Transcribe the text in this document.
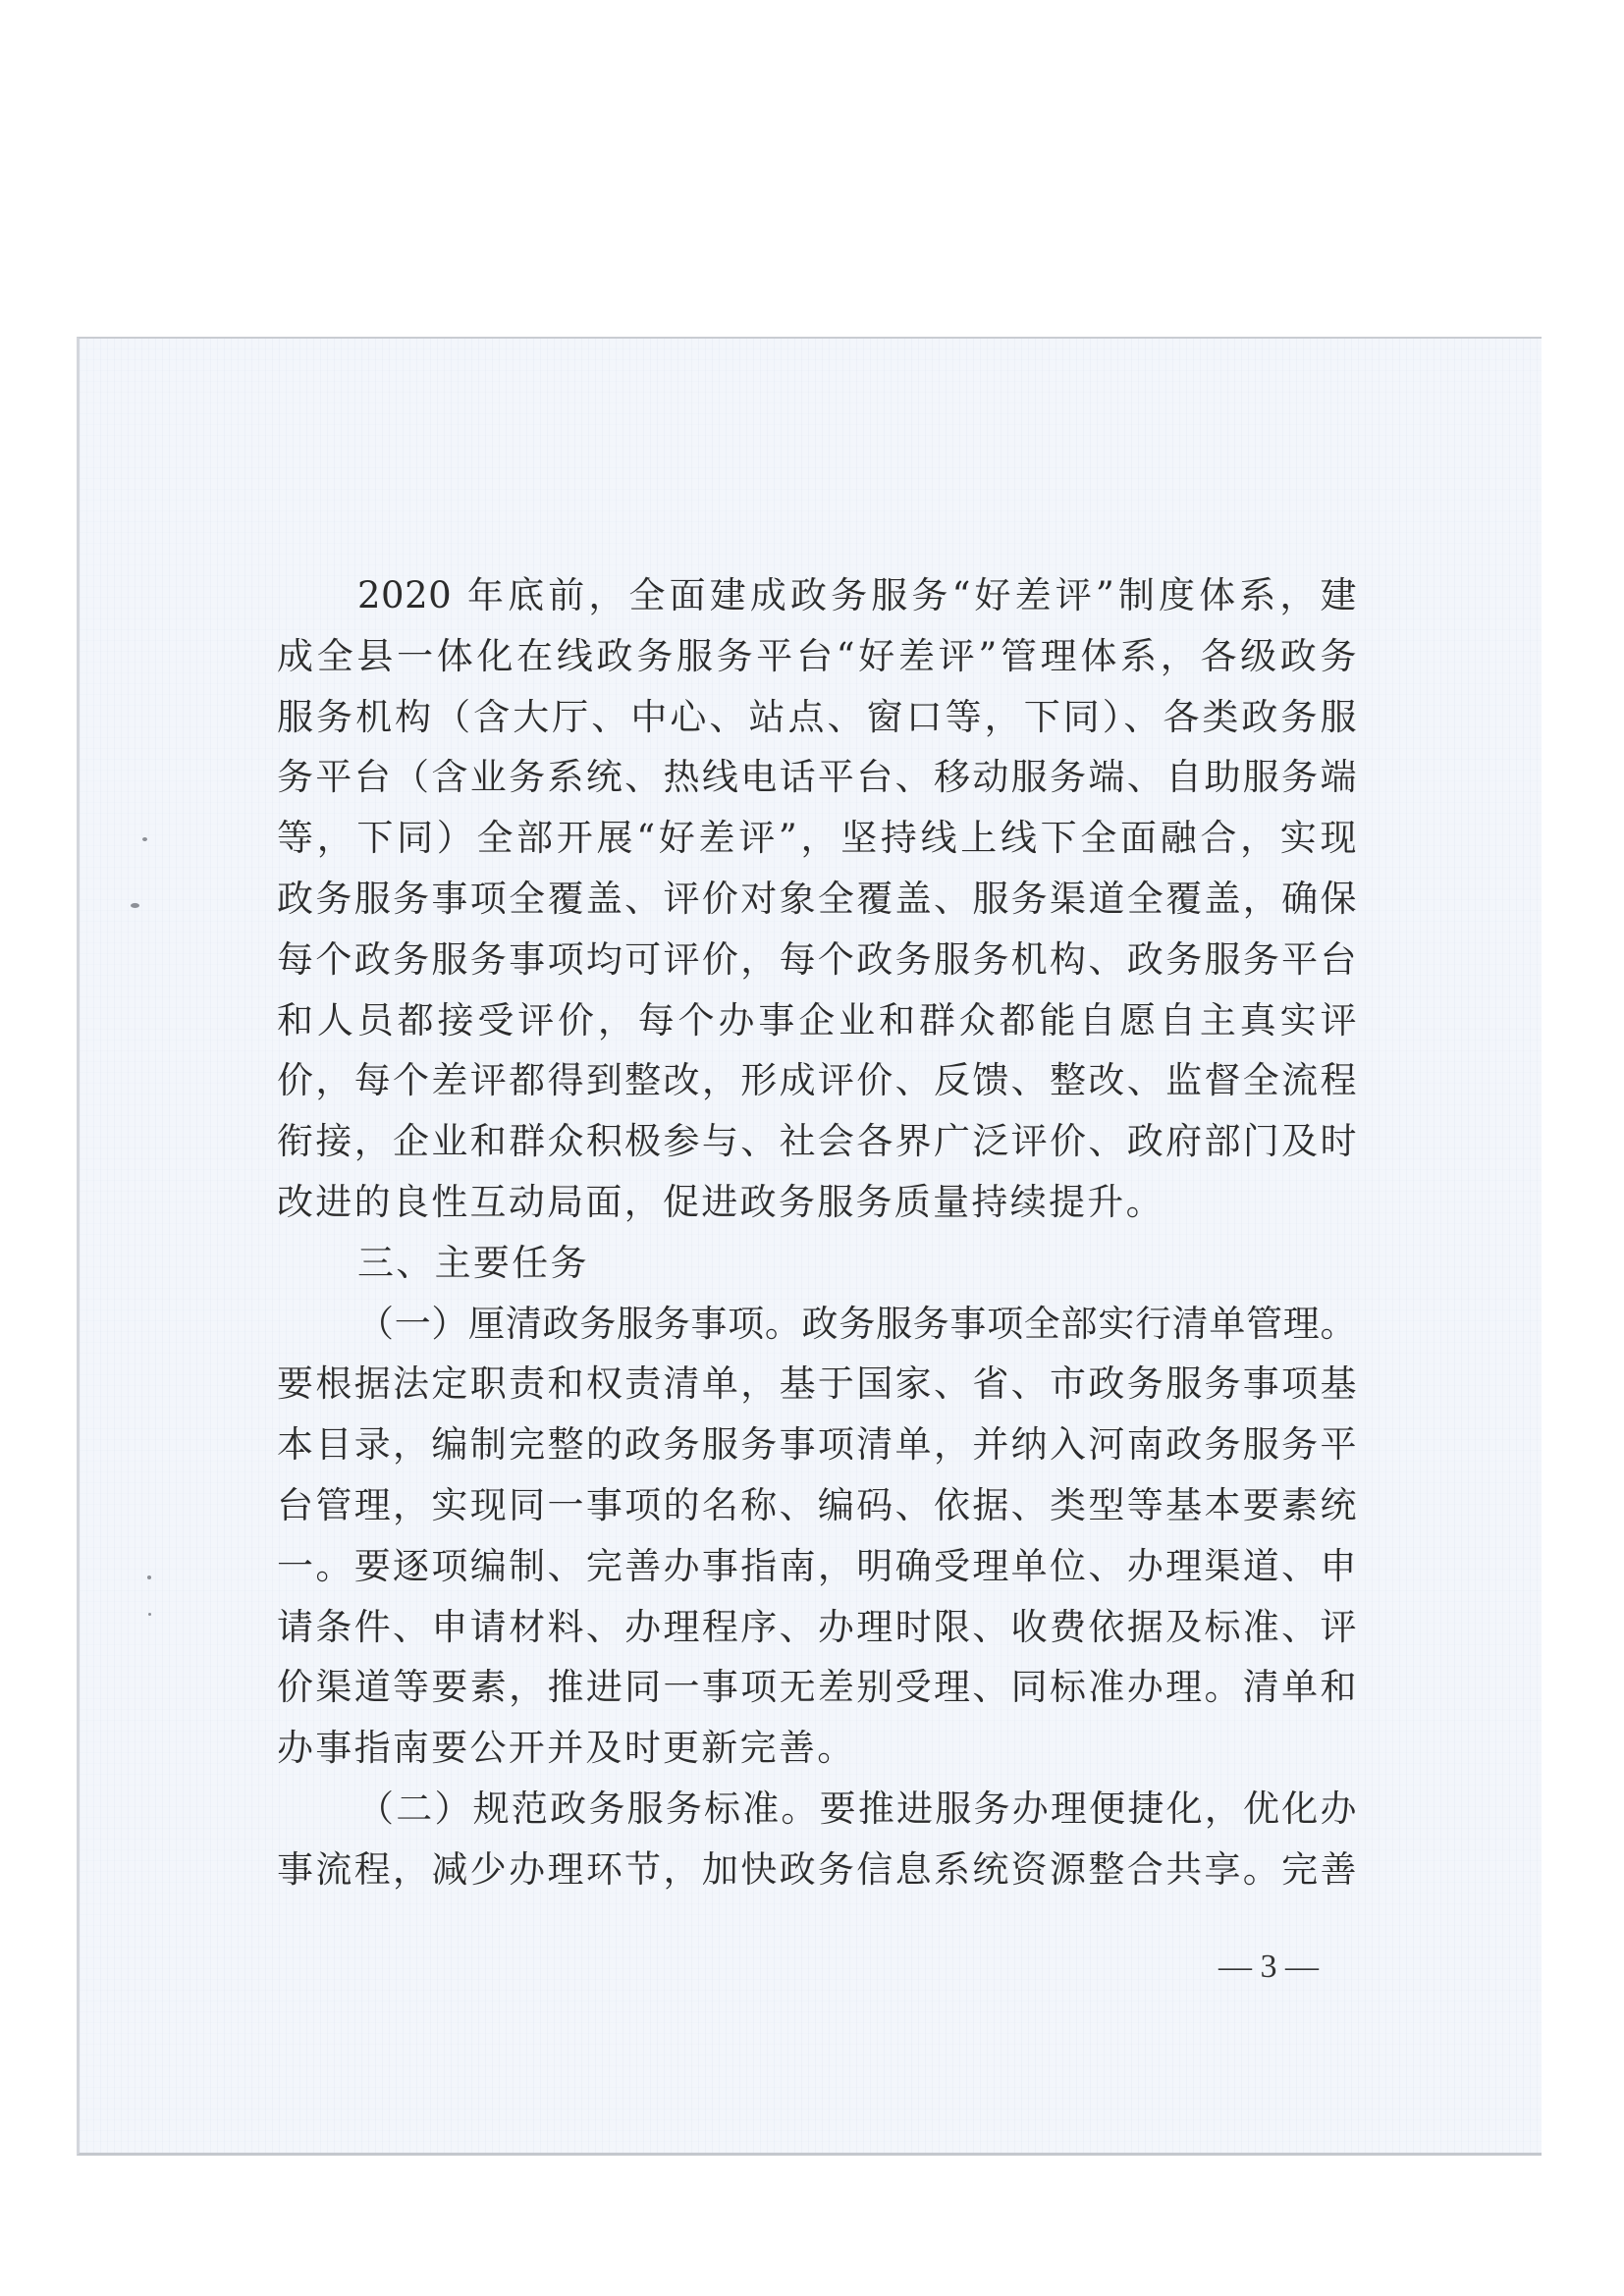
2020 年底前，全面建成政务服务“好差评”制度体系，建
成全县一体化在线政务服务平台“好差评”管理体系，各级政务
服务机构（含大厅、中心、站点、窗口等，下同）、各类政务服
务平台（含业务系统、热线电话平台、移动服务端、自助服务端
等，下同）全部开展“好差评”，坚持线上线下全面融合，实现
政务服务事项全覆盖、评价对象全覆盖、服务渠道全覆盖，确保
每个政务服务事项均可评价，每个政务服务机构、政务服务平台
和人员都接受评价，每个办事企业和群众都能自愿自主真实评
价，每个差评都得到整改，形成评价、反馈、整改、监督全流程
衔接，企业和群众积极参与、社会各界广泛评价、政府部门及时
改进的良性互动局面，促进政务服务质量持续提升。
三、主要任务
（一）厘清政务服务事项。政务服务事项全部实行清单管理。
要根据法定职责和权责清单，基于国家、省、市政务服务事项基
本目录，编制完整的政务服务事项清单，并纳入河南政务服务平
台管理，实现同一事项的名称、编码、依据、类型等基本要素统
一。要逐项编制、完善办事指南，明确受理单位、办理渠道、申
请条件、申请材料、办理程序、办理时限、收费依据及标准、评
价渠道等要素，推进同一事项无差别受理、同标准办理。清单和
办事指南要公开并及时更新完善。
（二）规范政务服务标准。要推进服务办理便捷化，优化办
事流程，减少办理环节，加快政务信息系统资源整合共享。完善
— 3 —
